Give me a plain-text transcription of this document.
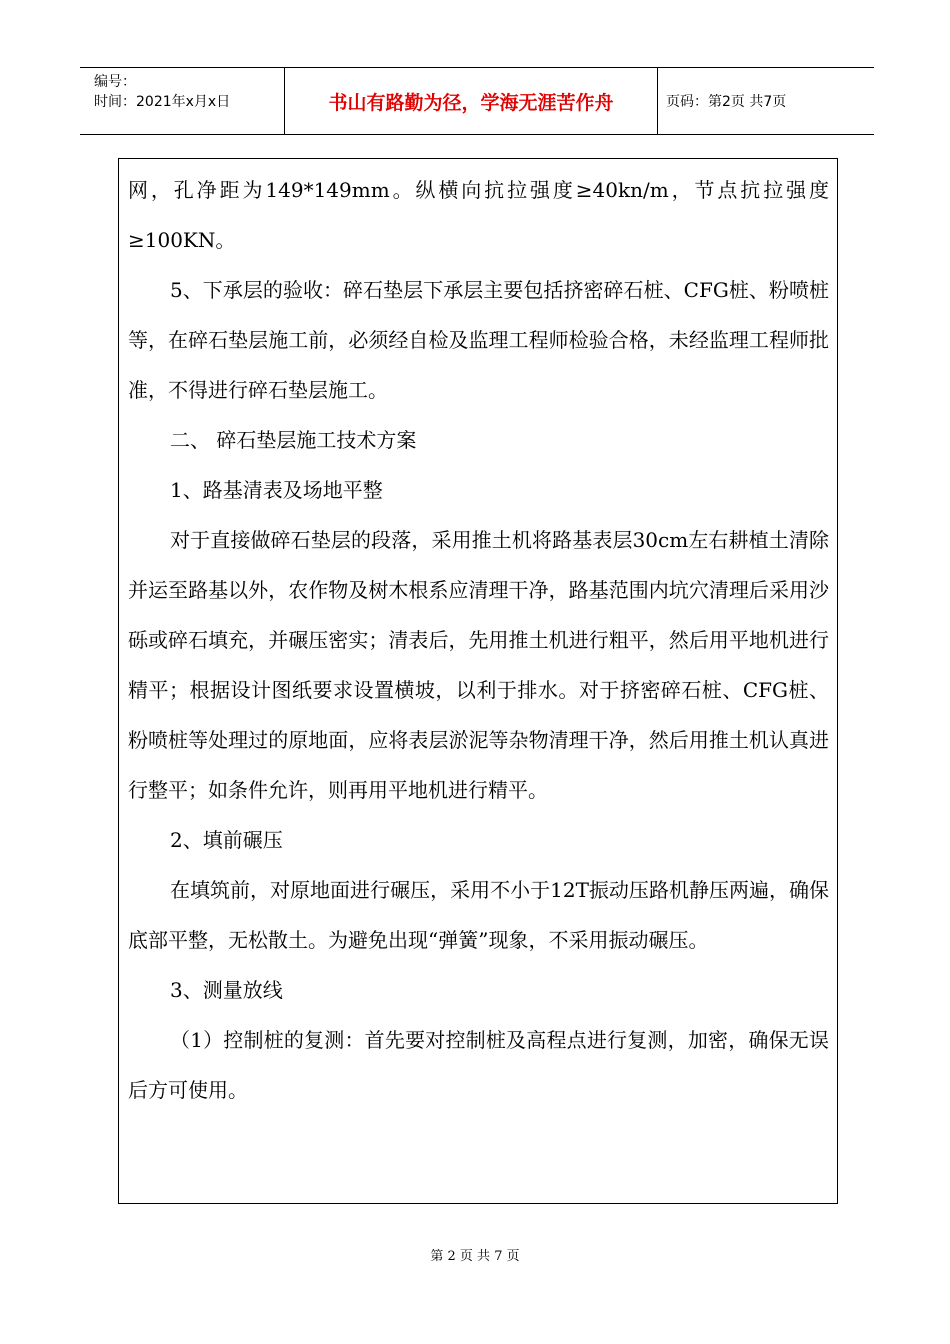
编号：
时间：2021年x月x日	书山有路勤为径，学海无涯苦作舟	页码：第2页 共7页

网，孔净距为149*149mm。纵横向抗拉强度≥40kn/m，节点抗拉强度≥100KN。

5、下承层的验收：碎石垫层下承层主要包括挤密碎石桩、CFG桩、粉喷桩等，在碎石垫层施工前，必须经自检及监理工程师检验合格，未经监理工程师批准，不得进行碎石垫层施工。

二、 碎石垫层施工技术方案

1、路基清表及场地平整

对于直接做碎石垫层的段落，采用推土机将路基表层30cm左右耕植土清除并运至路基以外，农作物及树木根系应清理干净，路基范围内坑穴清理后采用沙砾或碎石填充，并碾压密实；清表后，先用推土机进行粗平，然后用平地机进行精平；根据设计图纸要求设置横坡，以利于排水。对于挤密碎石桩、CFG桩、粉喷桩等处理过的原地面，应将表层淤泥等杂物清理干净，然后用推土机认真进行整平；如条件允许，则再用平地机进行精平。

2、填前碾压

在填筑前，对原地面进行碾压，采用不小于12T振动压路机静压两遍，确保底部平整，无松散土。为避免出现“弹簧”现象，不采用振动碾压。

3、测量放线

（1）控制桩的复测：首先要对控制桩及高程点进行复测，加密，确保无误后方可使用。

第 2 页 共 7 页
